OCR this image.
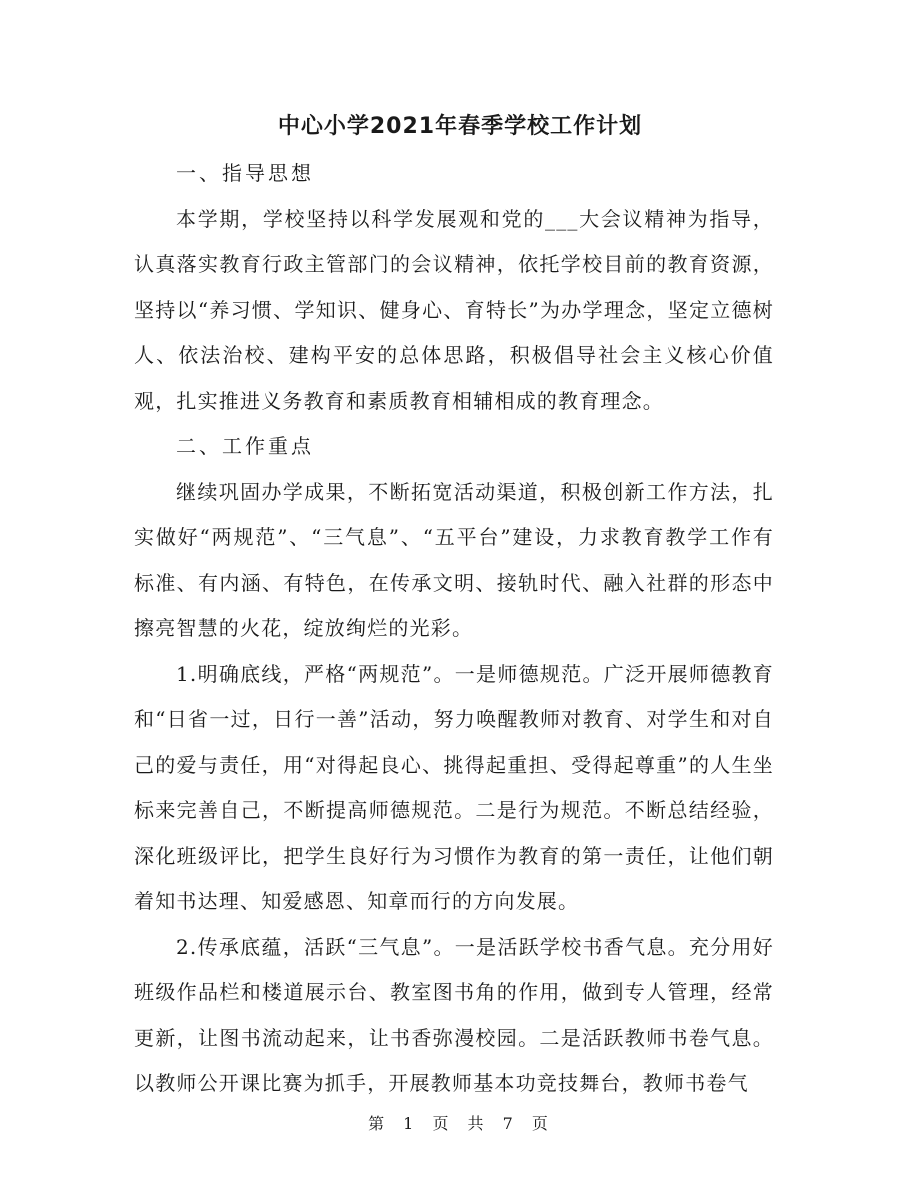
中心小学2021年春季学校工作计划

一、指导思想

本学期，学校坚持以科学发展观和党的___大会议精神为指导，认真落实教育行政主管部门的会议精神，依托学校目前的教育资源，坚持以“养习惯、学知识、健身心、育特长”为办学理念，坚定立德树人、依法治校、建构平安的总体思路，积极倡导社会主义核心价值观，扎实推进义务教育和素质教育相辅相成的教育理念。

二、工作重点

继续巩固办学成果，不断拓宽活动渠道，积极创新工作方法，扎实做好“两规范”、“三气息”、“五平台”建设，力求教育教学工作有标准、有内涵、有特色，在传承文明、接轨时代、融入社群的形态中擦亮智慧的火花，绽放绚烂的光彩。

1.明确底线，严格“两规范”。一是师德规范。广泛开展师德教育和“日省一过，日行一善”活动，努力唤醒教师对教育、对学生和对自己的爱与责任，用“对得起良心、挑得起重担、受得起尊重”的人生坐标来完善自己，不断提高师德规范。二是行为规范。不断总结经验，深化班级评比，把学生良好行为习惯作为教育的第一责任，让他们朝着知书达理、知爱感恩、知章而行的方向发展。

2.传承底蕴，活跃“三气息”。一是活跃学校书香气息。充分用好班级作品栏和楼道展示台、教室图书角的作用，做到专人管理，经常更新，让图书流动起来，让书香弥漫校园。二是活跃教师书卷气息。以教师公开课比赛为抓手，开展教师基本功竞技舞台，教师书卷气

第 1 页 共 7 页
